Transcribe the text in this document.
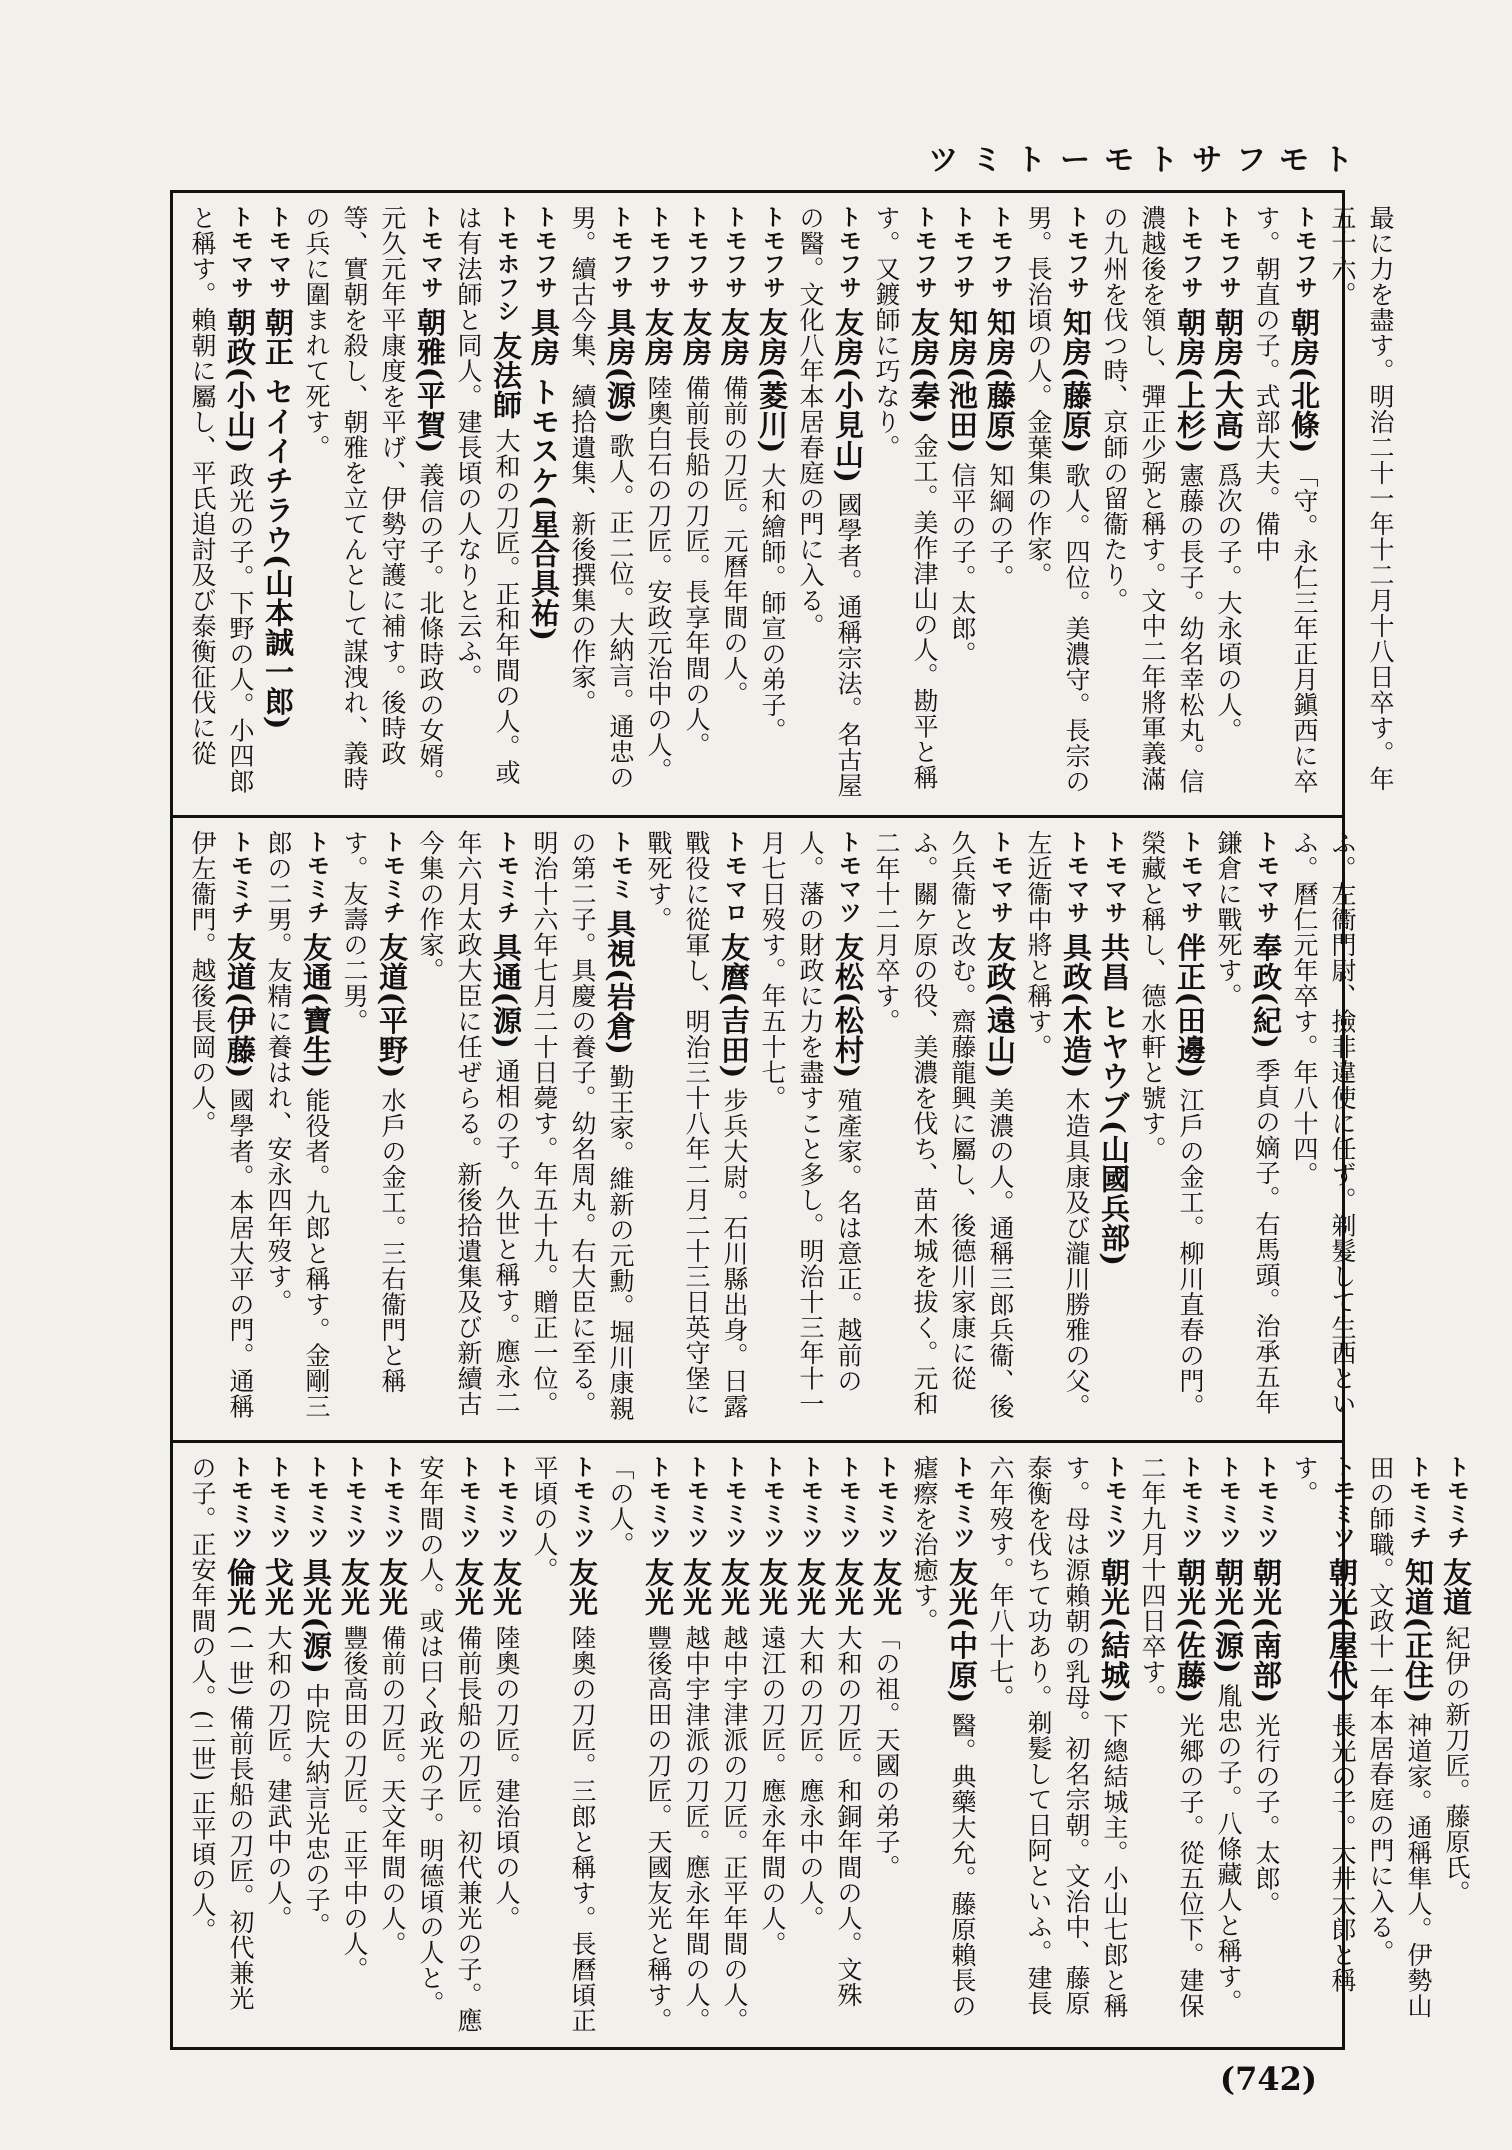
ツミトーモトサフモト
最に力を盡す。明治二十一年十二月十八日卒す。年五十六。
トモフサ 朝房(北條) 「守。永仁三年正月鎭西に卒す。朝直の子。式部大夫。備中
トモフサ 朝房(大高) 爲次の子。大永頃の人。
トモフサ 朝房(上杉) 憲藤の長子。幼名幸松丸。信濃越後を領し、彈正少弼と稱す。文中二年將軍義滿の九州を伐つ時、京師の留衞たり。
トモフサ 知房(藤原) 歌人。四位。美濃守。長宗の男。長治頃の人。金葉集の作家。
トモフサ 知房(藤原) 知綱の子。
トモフサ 知房(池田) 信平の子。太郎。
トモフサ 友房(秦) 金工。美作津山の人。勘平と稱す。又鍍師に巧なり。
トモフサ 友房(小見山) 國學者。通稱宗法。名古屋の醫。文化八年本居春庭の門に入る。
トモフサ 友房(菱川) 大和繪師。師宣の弟子。
トモフサ 友房 備前の刀匠。元曆年間の人。
トモフサ 友房 備前長船の刀匠。長享年間の人。
トモフサ 友房 陸奧白石の刀匠。安政元治中の人。
トモフサ 具房(源) 歌人。正二位。大納言。通忠の男。續古今集、續拾遺集、新後撰集の作家。
トモフサ 具房 トモスケ(星合具祐)
トモホフシ 友法師 大和の刀匠。正和年間の人。或は有法師と同人。建長頃の人なりと云ふ。
トモマサ 朝雅(平賀) 義信の子。北條時政の女婿。元久元年平康度を平げ、伊勢守護に補す。後時政等、實朝を殺し、朝雅を立てんとして謀洩れ、義時の兵に圍まれて死す。
トモマサ 朝正 セイイチラウ(山本誠一郎)
トモマサ 朝政(小山) 政光の子。下野の人。小四郎と稱す。賴朝に屬し、平氏追討及び泰衡征伐に從
ふ。左衞門尉、撿非違使に任ず。剃髮して生西といふ。曆仁元年卒す。年八十四。
トモマサ 奉政(紀) 季貞の嫡子。右馬頭。治承五年鎌倉に戰死す。
トモマサ 伴正(田邊) 江戶の金工。柳川直春の門。榮藏と稱し、德水軒と號す。
トモマサ 共昌 ヒヤウブ(山國兵部)
トモマサ 具政(木造) 木造具康及び瀧川勝雅の父。左近衞中將と稱す。
トモマサ 友政(遠山) 美濃の人。通稱三郎兵衞、後久兵衞と改む。齋藤龍興に屬し、後德川家康に從ふ。關ケ原の役、美濃を伐ち、苗木城を拔く。元和二年十二月卒す。
トモマツ 友松(松村) 殖產家。名は意正。越前の人。藩の財政に力を盡すこと多し。明治十三年十一月七日歿す。年五十七。
トモマロ 友麿(吉田) 步兵大尉。石川縣出身。日露戰役に從軍し、明治三十八年二月二十三日英守堡に戰死す。
トモミ 具視(岩倉) 勤王家。維新の元勳。堀川康親の第二子。具慶の養子。幼名周丸。右大臣に至る。明治十六年七月二十日薨す。年五十九。贈正一位。
トモミチ 具通(源) 通相の子。久世と稱す。應永二年六月太政大臣に任ぜらる。新後拾遺集及び新續古今集の作家。
トモミチ 友道(平野) 水戶の金工。三右衞門と稱す。友壽の二男。
トモミチ 友通(寶生) 能役者。九郎と稱す。金剛三郎の二男。友精に養はれ、安永四年歿す。
トモミチ 友道(伊藤) 國學者。本居大平の門。通稱伊左衞門。越後長岡の人。
トモミチ 友道 紀伊の新刀匠。藤原氏。
トモミチ 知道(正住) 神道家。通稱隼人。伊勢山田の師職。文政十一年本居春庭の門に入る。
トモミツ 朝光(屋代) 長光の子。大井太郎と稱す。
トモミツ 朝光(南部) 光行の子。太郎。
トモミツ 朝光(源) 胤忠の子。八條藏人と稱す。
トモミツ 朝光(佐藤) 光郷の子。從五位下。建保二年九月十四日卒す。
トモミツ 朝光(結城) 下總結城主。小山七郎と稱す。母は源賴朝の乳母。初名宗朝。文治中、藤原泰衡を伐ちて功あり。剃髮して日阿といふ。建長六年歿す。年八十七。
トモミツ 友光(中原) 醫。典藥大允。藤原賴長の瘧瘵を治癒す。
トモミツ 友光 「の祖。天國の弟子。
トモミツ 友光 大和の刀匠。和銅年間の人。文殊
トモミツ 友光 大和の刀匠。應永中の人。
トモミツ 友光 遠江の刀匠。應永年間の人。
トモミツ 友光 越中宇津派の刀匠。正平年間の人。
トモミツ 友光 越中宇津派の刀匠。應永年間の人。
トモミツ 友光 豐後高田の刀匠。天國友光と稱す。「の人。
トモミツ 友光 陸奧の刀匠。三郎と稱す。長曆頃正平頃の人。
トモミツ 友光 陸奧の刀匠。建治頃の人。
トモミツ 友光 備前長船の刀匠。初代兼光の子。應安年間の人。或は曰く政光の子。明德頃の人と。
トモミツ 友光 備前の刀匠。天文年間の人。
トモミツ 友光 豐後高田の刀匠。正平中の人。
トモミツ 具光(源) 中院大納言光忠の子。
トモミツ 戈光 大和の刀匠。建武中の人。
トモミツ 倫光 (一世) 備前長船の刀匠。初代兼光の子。正安年間の人。(二世) 正平頃の人。
(742)
